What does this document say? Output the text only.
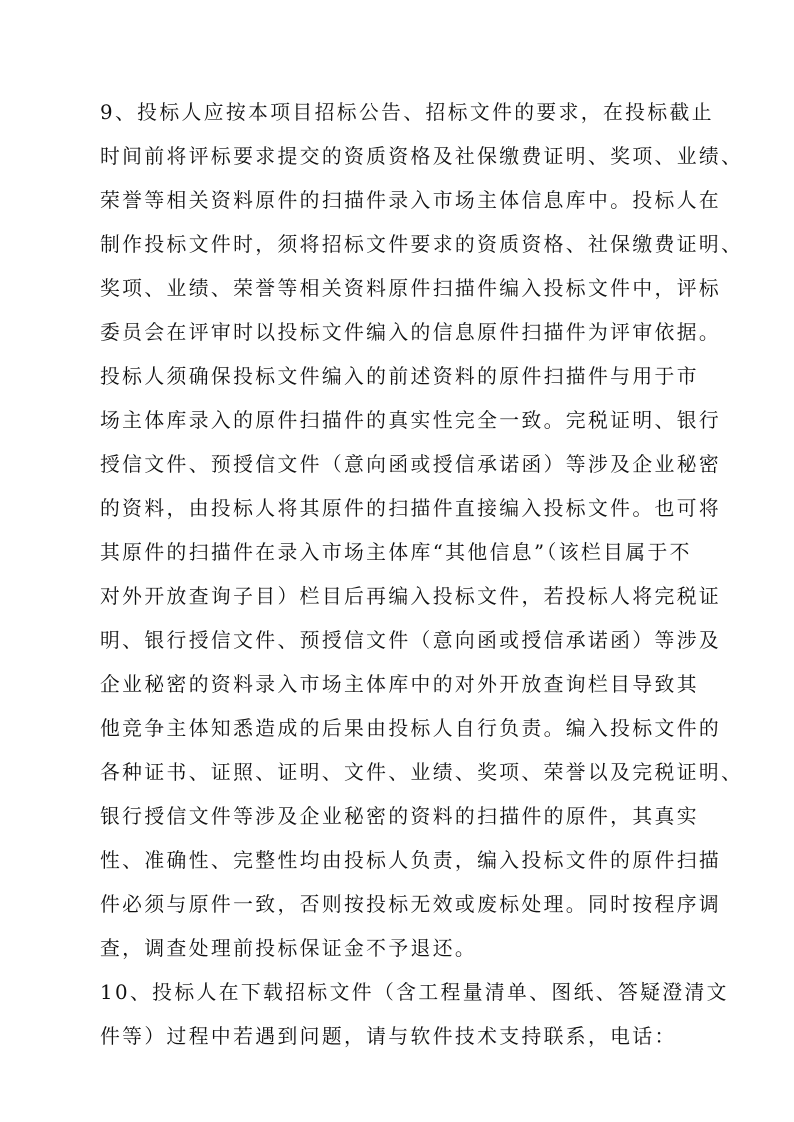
9、投标人应按本项目招标公告、招标文件的要求，在投标截止
时间前将评标要求提交的资质资格及社保缴费证明、奖项、业绩、
荣誉等相关资料原件的扫描件录入市场主体信息库中。投标人在
制作投标文件时，须将招标文件要求的资质资格、社保缴费证明、
奖项、业绩、荣誉等相关资料原件扫描件编入投标文件中，评标
委员会在评审时以投标文件编入的信息原件扫描件为评审依据。
投标人须确保投标文件编入的前述资料的原件扫描件与用于市
场主体库录入的原件扫描件的真实性完全一致。完税证明、银行
授信文件、预授信文件（意向函或授信承诺函）等涉及企业秘密
的资料，由投标人将其原件的扫描件直接编入投标文件。也可将
其原件的扫描件在录入市场主体库“其他信息”（该栏目属于不
对外开放查询子目）栏目后再编入投标文件，若投标人将完税证
明、银行授信文件、预授信文件（意向函或授信承诺函）等涉及
企业秘密的资料录入市场主体库中的对外开放查询栏目导致其
他竞争主体知悉造成的后果由投标人自行负责。编入投标文件的
各种证书、证照、证明、文件、业绩、奖项、荣誉以及完税证明、
银行授信文件等涉及企业秘密的资料的扫描件的原件，其真实
性、准确性、完整性均由投标人负责，编入投标文件的原件扫描
件必须与原件一致，否则按投标无效或废标处理。同时按程序调
查，调查处理前投标保证金不予退还。
10、投标人在下载招标文件（含工程量清单、图纸、答疑澄清文
件等）过程中若遇到问题，请与软件技术支持联系，电话：
